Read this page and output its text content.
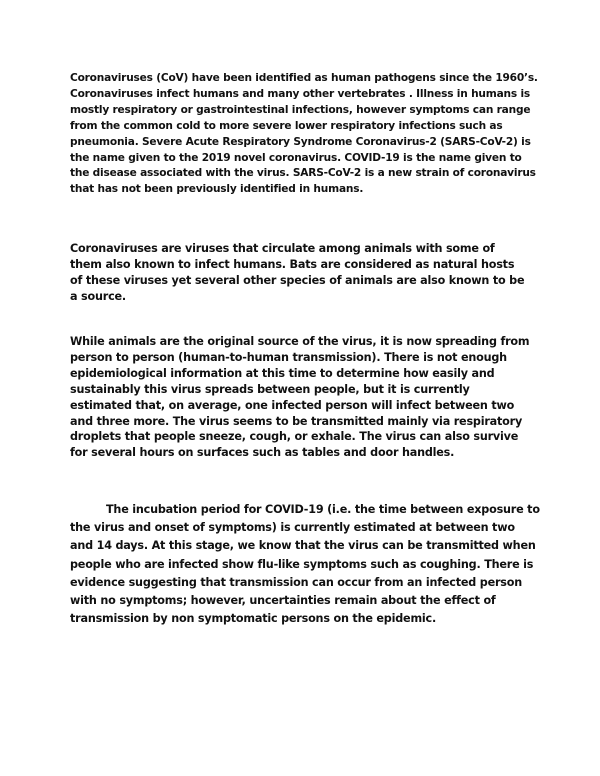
Coronaviruses (CoV) have been identified as human pathogens since the 1960’s. Coronaviruses infect humans and many other vertebrates . Illness in humans is mostly respiratory or gastrointestinal infections, however symptoms can range from the common cold to more severe lower respiratory infections such as pneumonia. Severe Acute Respiratory Syndrome Coronavirus-2 (SARS-CoV-2) is the name given to the 2019 novel coronavirus. COVID-19 is the name given to the disease associated with the virus. SARS-CoV-2 is a new strain of coronavirus that has not been previously identified in humans.

Coronaviruses are viruses that circulate among animals with some of them also known to infect humans. Bats are considered as natural hosts of these viruses yet several other species of animals are also known to be a source.

While animals are the original source of the virus, it is now spreading from person to person (human-to-human transmission). There is not enough epidemiological information at this time to determine how easily and sustainably this virus spreads between people, but it is currently estimated that, on average, one infected person will infect between two and three more. The virus seems to be transmitted mainly via respiratory droplets that people sneeze, cough, or exhale. The virus can also survive for several hours on surfaces such as tables and door handles.

The incubation period for COVID-19 (i.e. the time between exposure to the virus and onset of symptoms) is currently estimated at between two and 14 days. At this stage, we know that the virus can be transmitted when people who are infected show flu-like symptoms such as coughing. There is evidence suggesting that transmission can occur from an infected person with no symptoms; however, uncertainties remain about the effect of transmission by non symptomatic persons on the epidemic.
